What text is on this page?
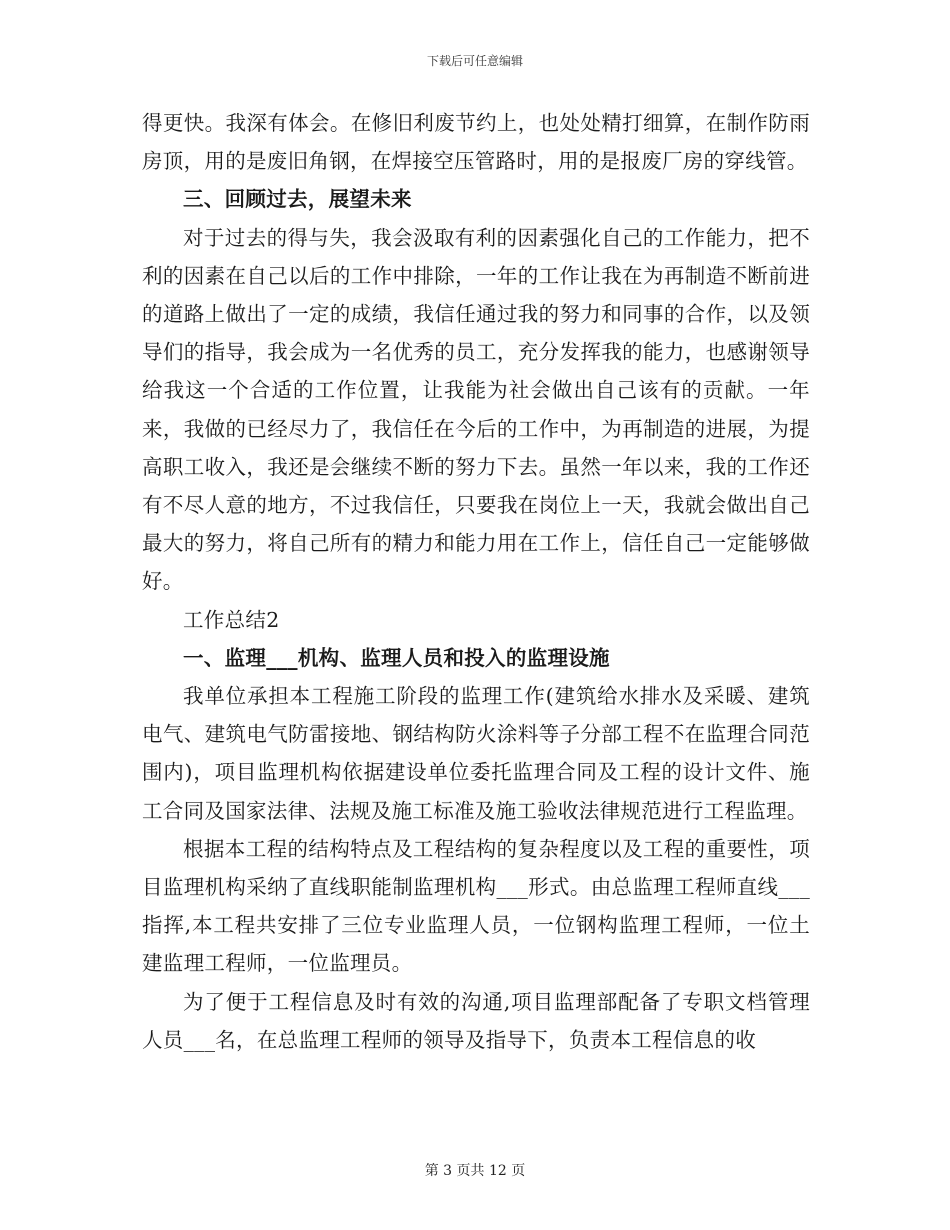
下载后可任意编辑

得更快。我深有体会。在修旧利废节约上，也处处精打细算，在制作防雨房顶，用的是废旧角钢，在焊接空压管路时，用的是报废厂房的穿线管。

三、回顾过去，展望未来

对于过去的得与失，我会汲取有利的因素强化自己的工作能力，把不利的因素在自己以后的工作中排除，一年的工作让我在为再制造不断前进的道路上做出了一定的成绩，我信任通过我的努力和同事的合作，以及领导们的指导，我会成为一名优秀的员工，充分发挥我的能力，也感谢领导给我这一个合适的工作位置，让我能为社会做出自己该有的贡献。一年来，我做的已经尽力了，我信任在今后的工作中，为再制造的进展，为提高职工收入，我还是会继续不断的努力下去。虽然一年以来，我的工作还有不尽人意的地方，不过我信任，只要我在岗位上一天，我就会做出自己最大的努力，将自己所有的精力和能力用在工作上，信任自己一定能够做好。

工作总结2

一、监理___机构、监理人员和投入的监理设施

我单位承担本工程施工阶段的监理工作(建筑给水排水及采暖、建筑电气、建筑电气防雷接地、钢结构防火涂料等子分部工程不在监理合同范围内)，项目监理机构依据建设单位委托监理合同及工程的设计文件、施工合同及国家法律、法规及施工标准及施工验收法律规范进行工程监理。

根据本工程的结构特点及工程结构的复杂程度以及工程的重要性，项目监理机构采纳了直线职能制监理机构___形式。由总监理工程师直线___指挥,本工程共安排了三位专业监理人员，一位钢构监理工程师，一位土建监理工程师，一位监理员。

为了便于工程信息及时有效的沟通,项目监理部配备了专职文档管理人员___名，在总监理工程师的领导及指导下，负责本工程信息的收

第 3 页共 12 页
